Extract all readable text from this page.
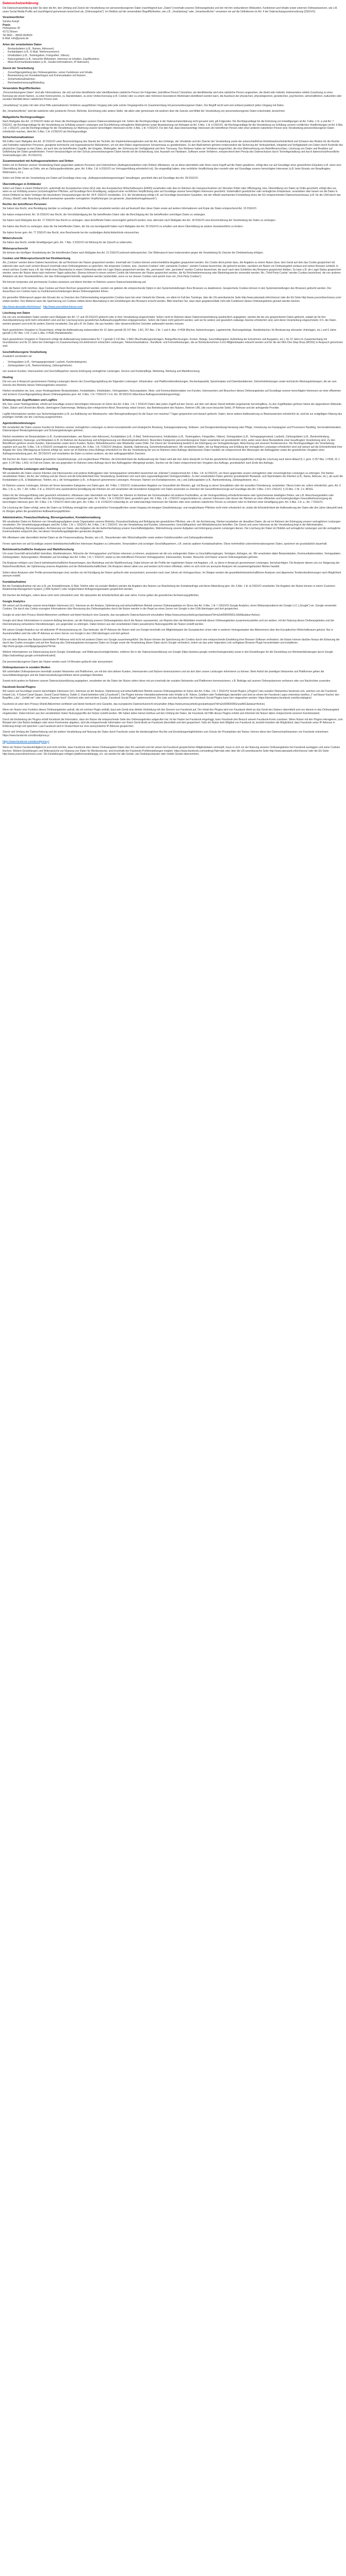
Datenschutzerklärung

Die Datenschutzerklärung klärt Sie über die Art, den Umfang und Zweck der Verarbeitung von personenbezogenen Daten (nachfolgend kurz „Daten“) innerhalb unseres Onlineangebotes und der mit ihm verbundenen Webseiten, Funktionen und Inhalte sowie externen Onlinepräsenzen, wie z.B. unser Social Media Profile auf (nachfolgend gemeinsam bezeichnet als „Onlineangebot“). Im Hinblick auf die verwendeten Begrifflichkeiten, wie z.B. „Verarbeitung“ oder „Verantwortlicher“ verweisen wir auf die Definitionen im Art. 4 der Datenschutzgrundverordnung (DSGVO).

Verantwortlicher
Sandra Kampf
Praxis
Hohegrasse 30
41711 Brixen
Tel 0662 – 38030 90/9024
E-Mail: info@praxis.de
Arten der verarbeiteten Daten
• Bestandsdaten (z.B., Namen, Adressen).
• Kontaktdaten (z.B., E-Mail, Telefonnummern).
• Inhaltsdaten (z.B., Texteingaben, Fotografien, Videos).
• Nutzungsdaten (z.B., besuchte Webseiten, Interesse an Inhalten, Zugriffszeiten).
• Meta-/Kommunikationsdaten (z.B., Geräte-Informationen, IP-Adressen).
Zweck der Verarbeitung
• Zurverfügungstellung des Onlineangebotes, seiner Funktionen und Inhalte.
• Beantwortung von Kontaktanfragen und Kommunikation mit Nutzern.
• Sicherheitsmaßnahmen.
• Reichweitenmessung/Marketing
Verwendete Begrifflichkeiten

„Personenbezogene Daten“ sind alle Informationen, die sich auf eine identifizierte oder identifizierbare natürliche Person (im Folgenden „betroffene Person“) beziehen; als identifizierbar wird eine natürliche Person angesehen, die direkt oder indirekt, insbesondere mittels Zuordnung zu einer Kennung wie einem Namen, zu einer Kennnummer, zu Standortdaten, zu einer Online-Kennung (z.B. Cookie) oder zu einem oder mehreren besonderen Merkmalen identifiziert werden kann, die Ausdruck der physischen, physiologischen, genetischen, psychischen, wirtschaftlichen, kulturellen oder sozialen Identität dieser natürlichen Person sind.

„Verarbeitung“ ist jeder mit oder ohne Hilfe automatisierter Verfahren ausgeführten Vorgang oder jede solche Vorgangsreihe im Zusammenhang mit personenbezogenen Daten. Der Begriff reicht weit und umfasst praktisch jeden Umgang mit Daten.

Als „Verantwortlicher“ wird die natürliche oder juristische Person, Behörde, Einrichtung oder andere Stelle, die allein oder gemeinsam mit anderen über die Zwecke und Mittel der Verarbeitung von personenbezogenen Daten entscheidet, bezeichnet.

Maßgebliche Rechtsgrundlagen

Nach Maßgabe des Art. 13 DSGVO teilen wir Ihnen die Rechtsgrundlagen unserer Datenverarbeitungen mit. Sofern die Rechtsgrundlage in der Datenschutzerklärung nicht genannt wird, gilt Folgendes: Die Rechtsgrundlage für die Einholung von Einwilligungen ist Art. 6 Abs. 1 lit. a und Art. 7 DSGVO, die Rechtsgrundlage für die Verarbeitung zur Erfüllung unserer Leistungen und Durchführung vertraglicher Maßnahmen sowie Beantwortung von Anfragen ist Art. 6 Abs. 1 lit. b DSGVO, die Rechtsgrundlage für die Verarbeitung zur Erfüllung unserer rechtlichen Verpflichtungen ist Art. 6 Abs. 1 lit. c DSGVO, und die Rechtsgrundlage für die Verarbeitung zur Wahrung unserer berechtigten Interessen ist Art. 6 Abs. 1 lit. f DSGVO. Für den Fall, dass lebenswichtige Interessen der betroffenen Person oder einer anderen natürlichen Person eine Verarbeitung personenbezogener Daten erforderlich machen, dient Art. 6 Abs. 1 lit. d DSGVO als Rechtsgrundlage.

Sicherheitsmaßnahmen

Wir treffen nach Maßgabe des Art. 32 DSGVO unter Berücksichtigung des Stands der Technik, der Implementierungskosten und der Art, des Umfangs, der Umstände und der Zwecke der Verarbeitung sowie der unterschiedlichen Eintrittswahrscheinlichkeit und Schwere des Risikos für die Rechte und Freiheiten natürlicher Personen, geeignete technische und organisatorische Maßnahmen, um ein dem Risiko angemessenes Schutzniveau zu gewährleisten. Zu den Maßnahmen gehören insbesondere die Sicherung der Vertraulichkeit, Integrität und Verfügbarkeit von Daten durch Kontrolle des physischen Zugangs zu den Daten, als auch des sie betreffenden Zugriffs, der Eingabe, Weitergabe, der Sicherung der Verfügbarkeit und ihrer Trennung. Des Weiteren haben wir Verfahren eingerichtet, die eine Wahrnehmung von Betroffenenrechten, Löschung von Daten und Reaktion auf Gefährdung der Daten gewährleisten. Ferner berücksichtigen wir den Schutz personenbezogener Daten bereits bei der Entwicklung, bzw. Auswahl von Hardware, Software sowie Verfahren, entsprechend dem Prinzip des Datenschutzes durch Technikgestaltung und durch datenschutzfreundliche Voreinstellungen (Art. 25 DSGVO).

Zusammenarbeit mit Auftragsverarbeitern und Dritten

Sofern wir im Rahmen unserer Verarbeitung Daten gegenüber anderen Personen und Unternehmen (Auftragsverarbeitern oder Dritten) offenbaren, sie an diese übermitteln oder ihnen sonst Zugriff auf die Daten gewähren, erfolgt dies nur auf Grundlage einer gesetzlichen Erlaubnis (z.B. wenn eine Übermittlung der Daten an Dritte, wie an Zahlungsdienstleister, gem. Art. 6 Abs. 1 lit. b DSGVO zur Vertragserfüllung erforderlich ist), Sie eingewilligt haben, eine rechtliche Verpflichtung dies vorsieht oder auf Grundlage unserer berechtigten Interessen (z.B. beim Einsatz von Beauftragten, Webhostern, etc.).

Sofern wir Dritte mit der Verarbeitung von Daten auf Grundlage eines sog. „Auftragsverarbeitungsvertrages“ beauftragen, geschieht dies auf Grundlage des Art. 28 DSGVO.

Übermittlungen in Drittländer

Sofern wir Daten in einem Drittland (d.h. außerhalb der Europäischen Union (EU) oder des Europäischen Wirtschaftsraums (EWR)) verarbeiten oder dies im Rahmen der Inanspruchnahme von Diensten Dritter oder Offenlegung, bzw. Übermittlung von Daten an Dritte geschieht, erfolgt dies nur, wenn es zur Erfüllung unserer (vor)vertraglichen Pflichten, auf Grundlage Ihrer Einwilligung, aufgrund einer rechtlichen Verpflichtung oder auf Grundlage unserer berechtigten Interessen geschieht. Vorbehaltlich gesetzlicher oder vertraglicher Erlaubnisse, verarbeiten oder lassen wir die Daten in einem Drittland nur beim Vorliegen der besonderen Voraussetzungen der Art. 44 ff. DSGVO verarbeiten. D.h. die Verarbeitung erfolgt z.B. auf Grundlage besonderer Garantien, wie der offiziell anerkannten Feststellung eines der EU entsprechenden Datenschutzniveaus (z.B. für die USA durch das „Privacy Shield“) oder Beachtung offiziell anerkannter spezieller vertraglicher Verpflichtungen (so genannte „Standardvertragsklauseln“).

Rechte der betroffenen Personen

Sie haben das Recht, eine Bestätigung darüber zu verlangen, ob betreffende Daten verarbeitet werden und auf Auskunft über diese Daten sowie auf weitere Informationen und Kopie der Daten entsprechend Art. 15 DSGVO.

Sie haben entsprechend. Art. 16 DSGVO das Recht, die Vervollständigung der Sie betreffenden Daten oder die Berichtigung der Sie betreffenden unrichtigen Daten zu verlangen.

Sie haben nach Maßgabe des Art. 17 DSGVO das Recht zu verlangen, dass betreffende Daten unverzüglich gelöscht werden, bzw. alternativ nach Maßgabe des Art. 18 DSGVO eine Einschränkung der Verarbeitung der Daten zu verlangen.

Sie haben das Recht zu verlangen, dass die Sie betreffenden Daten, die Sie uns bereitgestellt haben nach Maßgabe des Art. 20 DSGVO zu erhalten und deren Übermittlung an andere Verantwortliche zu fordern.

Sie haben ferner gem. Art. 77 DSGVO das Recht, eine Beschwerde bei der zuständigen Aufsichtsbehörde einzureichen.

Widerrufsrecht

Sie haben das Recht, erteilte Einwilligungen gem. Art. 7 Abs. 3 DSGVO mit Wirkung für die Zukunft zu widerrufen.

Widerspruchsrecht

Sie können der künftigen Verarbeitung der Sie betreffenden Daten nach Maßgabe des Art. 21 DSGVO jederzeit widersprechen. Der Widerspruch kann insbesondere gegen die Verarbeitung für Zwecke der Direktwerbung erfolgen.

Cookies und Widerspruchsrecht bei Direktwerbung

Als „Cookies“ werden kleine Dateien bezeichnet, die auf Rechnern der Nutzer gespeichert werden. Innerhalb der Cookies können unterschiedliche Angaben gespeichert werden. Ein Cookie dient primär dazu, die Angaben zu einem Nutzer (bzw. dem Gerät auf dem das Cookie gespeichert ist) während oder auch nach seinem Besuch innerhalb eines Onlineangebotes zu speichern. Als temporäre Cookies, bzw. „Session-Cookies“ oder „transiente Cookies“, werden Cookies bezeichnet, die gelöscht werden, nachdem ein Nutzer ein Onlineangebot verlässt und seinen Browser schließt. In einem solchen Cookie kann z.B. der Inhalt eines Warenkorbs in einem Onlineshop oder ein Login-Status gespeichert werden. Als „permanent“ oder „persistent“ werden Cookies bezeichnet, die auch nach dem Schließen des Browsers gespeichert bleiben. So kann z.B. der Login-Status gespeichert werden, wenn die Nutzer diese nach mehreren Tagen aufsuchen. Ebenso können in einem solchen Cookie die Interessen der Nutzer gespeichert werden, die für Reichweitenmessung oder Marketingzwecke verwendet werden. Als „Third-Party-Cookie“ werden Cookies bezeichnet, die von anderen Anbietern als dem Verantwortlichen, der das Onlineangebot betreibt, angeboten werden (andernfalls, wenn es nur dessen Cookies sind spricht man von „First-Party Cookies“).

Wir können temporäre und permanente Cookies einsetzen und klären hierüber im Rahmen unserer Datenschutzerklärung auf.

Falls die Nutzer nicht möchten, dass Cookies auf ihrem Rechner gespeichert werden, werden sie gebeten die entsprechende Option in den Systemeinstellungen ihres Browsers zu deaktivieren. Gespeicherte Cookies können in den Systemeinstellungen des Browsers gelöscht werden. Der Ausschluss von Cookies kann zu Funktionseinschränkungen dieses Onlineangebotes führen.

Ein genereller Widerspruch gegen den Einsatz der zu Zwecken des Onlinemarketing eingesetzten Cookies kann bei einer Vielzahl der Dienste, vor allem im Fall des Trackings, über die US-amerikanische Seite http://www.aboutads.info/choices/ oder die EU-Seite http://www.youronlinechoices.com/ erklärt werden. Des Weiteren kann die Speicherung von Cookies mittels deren Abschaltung in den Einstellungen des Browsers erreicht werden. Bitte beachten Sie, dass dann gegebenenfalls nicht alle Funktionen dieses Onlineangebotes genutzt werden können.

http://www.aboutads.info/choices/ · http://www.youronlinechoices.com/

Löschung von Daten

Die von uns verarbeiteten Daten werden nach Maßgabe der Art. 17 und 18 DSGVO gelöscht oder in ihrer Verarbeitung eingeschränkt. Sofern nicht im Rahmen dieser Datenschutzerklärung ausdrücklich angegeben, werden die bei uns gespeicherten Daten gelöscht, sobald sie für ihre Zweckbestimmung nicht mehr erforderlich sind und der Löschung keine gesetzlichen Aufbewahrungspflichten entgegenstehen. Sofern die Daten nicht gelöscht werden, weil sie für andere und gesetzlich zulässige Zwecke erforderlich sind, wird deren Verarbeitung eingeschränkt. D.h. die Daten werden gesperrt und nicht für andere Zwecke verarbeitet. Das gilt z.B. für Daten, die aus handels- oder steuerrechtlichen Gründen aufbewahrt werden müssen.

Nach gesetzlichen Vorgaben in Deutschland, erfolgt die Aufbewahrung insbesondere für 10 Jahre gemäß §§ 147 Abs. 1 AO, 257 Abs. 1 Nr. 1 und 4, Abs. 4 HGB (Bücher, Aufzeichnungen, Lageberichte, Buchungsbelege, Handelsbücher, für Besteuerung relevanter Unterlagen, etc.) und 6 Jahre gemäß § 257 Abs. 1 Nr. 2 und 3, Abs. 4 HGB (Handelsbriefe).

Nach gesetzlichen Vorgaben in Österreich erfolgt die Aufbewahrung insbesondere für 7 J gemäß § 132 Abs. 1 BAO (Buchhaltungsunterlagen, Belege/Rechnungen, Konten, Belege, Geschäftspapiere, Aufstellung der Einnahmen und Ausgaben, etc.), für 22 Jahre im Zusammenhang mit Grundstücken und für 10 Jahre bei Unterlagen im Zusammenhang mit elektronisch erbrachten Leistungen, Telekommunikations-, Rundfunk- und Fernsehleistungen, die an Nichtunternehmer in EU-Mitgliedstaaten erbracht werden und für die der Mini-One-Stop-Shop (MOSS) in Anspruch genommen wird.

Geschäftsbezogene Verarbeitung

Zusätzlich verarbeiten wir

• Vertragsdaten (z.B., Vertragsgegenstand, Laufzeit, Kundenkategorie).
• Zahlungsdaten (z.B., Bankverbindung, Zahlungshistorie)

von unseren Kunden, Interessenten und Geschäftspartner zwecks Erbringung vertraglicher Leistungen, Service und Kundenpflege, Marketing, Werbung und Marktforschung.

Hosting

Die von uns in Anspruch genommenen Hosting-Leistungen dienen der Zurverfügungstellung der folgenden Leistungen: Infrastruktur- und Plattformdienstleistungen, Rechenkapazität, Speicherplatz und Datenbankdienste, Sicherheitsleistungen sowie technische Wartungsleistungen, die wir zum Zwecke des Betriebs dieses Onlineangebotes einsetzen.

Hierbei verarbeiten wir, bzw. unser Hostinganbieter Bestandsdaten, Kontaktdaten, Inhaltsdaten, Vertragsdaten, Nutzungsdaten, Meta- und Kommunikationsdaten von Kunden, Interessenten und Besuchern dieses Onlineangebotes auf Grundlage unserer berechtigten Interessen an einer effizienten und sicheren Zurverfügungstellung dieses Onlineangebotes gem. Art. 6 Abs. 1 lit. f DSGVO i.V.m. Art. 28 DSGVO (Abschluss Auftragsverarbeitungsvertrag).

Erhebung von Zugriffsdaten und Logfiles

Wir, bzw. unser Hostinganbieter, erhebt auf Grundlage unserer berechtigten Interessen im Sinne des Art. 6 Abs. 1 lit. f. DSGVO Daten über jeden Zugriff auf den Server, auf dem sich dieser Dienst befindet (sogenannte Serverlogfiles). Zu den Zugriffsdaten gehören Name der abgerufenen Webseite, Datei, Datum und Uhrzeit des Abrufs, übertragene Datenmenge, Meldung über erfolgreichen Abruf, Browsertyp nebst Version, das Betriebssystem des Nutzers, Referrer URL (die zuvor besuchte Seite), IP-Adresse und der anfragende Provider.

Logfile-Informationen werden aus Sicherheitsgründen (z.B. zur Aufklärung von Missbrauchs- oder Betrugshandlungen) für die Dauer von maximal 7 Tagen gespeichert und danach gelöscht. Daten, deren weitere Aufbewahrung zu Beweiszwecken erforderlich ist, sind bis zur endgültigen Klärung des jeweiligen Vorfalls von der Löschung ausgenommen.

Agenturdienstleistungen

Wir verarbeiten die Daten unserer Kunden im Rahmen unserer vertraglichen Leistungen zu denen konzeptionelle und strategische Beratung, Kampagnenplanung, Software- und Designentwicklung/-beratung oder Pflege, Umsetzung von Kampagnen und Prozessen/ Handling, Serveradministration, Datenanalyse/ Beratungsleistungen und Schulungsleistungen gehören.

Hierbei verarbeiten wir Bestandsdaten (z.B., Kundenstammdaten, wie Namen oder Adressen), Kontaktdaten (z.B., E-Mail, Telefonnummern), Inhaltsdaten (z.B., Texteingaben, Fotografien, Videos), Vertragsdaten (z.B., Vertragsgegenstand, Laufzeit), Zahlungsdaten (z.B., Bankverbindung, Zahlungshistorie), Nutzungs- und Metadaten (z.B. im Rahmen der Auswertung und Erfolgsmessung von Marketingmaßnahmen). Besondere Kategorien personenbezogener Daten verarbeiten wir grundsätzlich nicht, außer wenn diese Bestandteile einer beauftragten Verarbeitung sind. Zu den Betroffenen gehören unsere Kunden, Interessenten sowie deren Kunden, Nutzer, Websitebesucher oder Mitarbeiter sowie Dritte. Der Zweck der Verarbeitung besteht in der Erbringung von Vertragsleistungen, Abrechnung und unserem Kundenservice. Die Rechtsgrundlagen der Verarbeitung ergeben sich aus Art. 6 Abs. 1 lit. b DSGVO (vertragliche Leistungen), Art. 6 Abs. 1 lit. f DSGVO (Analyse, Statistik, Optimierung, Sicherheitsmaßnahmen). Wir verarbeiten Daten, die zur Begründung und Erfüllung der vertraglichen Leistungen erforderlich sind und weisen auf die Erforderlichkeit ihrer Angabe hin. Eine Offenlegung an Externe erfolgt nur, wenn sie im Rahmen eines Auftrags erforderlich ist. Bei der Verarbeitung der uns im Rahmen eines Auftrags überlassenen Daten handeln wir entsprechend den Weisungen der Auftraggeber sowie der gesetzlichen Vorgaben einer Auftragsverarbeitung gem. Art. 28 DSGVO und verarbeiten die Daten zu keinen anderen, als den auftragsgemäßen Zwecken.

Wir löschen die Daten nach Ablauf gesetzlicher Gewährleistungs- und vergleichbarer Pflichten. die Erforderlichkeit der Aufbewahrung der Daten wird alle drei Jahre überprüft; im Fall der gesetzlichen Archivierungspflichten erfolgt die Löschung nach deren Ablauf (6 J, gem. § 257 Abs. 1 HGB, 10 J, gem. § 147 Abs. 1 AO). Im Fall von Daten, die uns gegenüber im Rahmen eines Auftrags durch den Auftraggeber offengelegt wurden, löschen wir die Daten entsprechend den Vorgaben des Auftrags, grundsätzlich nach Ende des Auftrags.

Therapeutische Leistungen und Coaching

Wir verarbeiten die Daten unserer Klienten und Interessenten und anderer Auftraggeber oder Vertragspartner (einheitlich bezeichnet als „Klienten“) entsprechend Art. 6 Abs. 1 lit. b) DSGVO, um ihnen gegenüber unsere vertraglichen oder vorvertraglichen Leistungen zu erbringen. Die hierbei verarbeiteten Daten, die Art, der Umfang und der Zweck und die Erforderlichkeit ihrer Verarbeitung, bestimmen sich nach dem zugrundeliegenden Vertragsverhältnis. Zu den verarbeiteten Daten gehören grundsätzlich Bestands- und Stammdaten der Klienten (z.B., Name, Adresse, etc.), als auch die Kontaktdaten (z.B., E-Mailadresse, Telefon, etc.), die Vertragsdaten (z.B., in Anspruch genommene Leistungen, Honorare, Namen von Kontaktpersonen, etc.) und Zahlungsdaten (z.B., Bankverbindung, Zahlungshistorie, etc.).

Im Rahmen unserer Leistungen, können wir ferner besondere Kategorien von Daten gem. Art. 9 Abs. 1 DSGVO, insbesondere Angaben zur Gesundheit der Klienten, ggf. mit Bezug zu deren Sexualleben oder der sexuellen Orientierung, verarbeiten. Hierzu holen wir, sofern erforderlich, gem. Art. 6 Abs. 1 lit. a., Art. 7, Art. 9 Abs. 2 lit. a. DSGVO eine ausdrückliche Einwilligung der Klienten ein und verarbeiten die besonderen Kategorien von Daten ansonsten zu Zwecken der Gesundheitsvorsorge auf Grundlage des Art. 9 Abs. 2 lit h. DSGVO, § 22 Abs. 1 Nr. 1 b. BDSG.

Sofern für die Vertragserfüllung oder gesetzlich erforderlich, offenbaren oder übermitteln wir die Daten der Klienten im Rahmen der Kommunikation mit anderen Fachkräften, an die Vertragserfüllung erforderlicherweise oder typischerweise beteiligten Dritten, wie z.B. Abrechnungsstellen oder vergleichbare Dienstleister, sofern dies der Erbringung unserer Leistungen gem. Art. 6 Abs. 1 lit. b DSGVO dient, gesetzlich gem. Art. 6 Abs. 1 lit. c DSGVO vorgeschrieben ist, unseren Interessen oder denen der Klienten an einer effizienten und kostengünstigen Gesundheitsversorgung als berechtigtes Interesse gem. Art. 6 Abs. 1 lit. f DSGVO dient oder gem. Art. 6 Abs. 1 lit. d DSGVO notwendig ist. um lebenswichtige Interessen der Klienten oder einer anderen natürlichen Person zu schützen oder im Rahmen einer Einwilligung gem. Art. 6 Abs. 1 lit. a., Art. 7 DSGVO.

Die Löschung der Daten erfolgt, wenn die Daten zur Erfüllung vertraglicher oder gesetzlicher Fürsorgepflichten sowie Umgang mit etwaigen Gewährleistungs- und vergleichbarer Pflichten nicht mehr erforderlich ist, wobei die Erforderlichkeit der Aufbewahrung der Daten alle drei Jahre überprüft wird; im Übrigen gelten die gesetzlichen Aufbewahrungspflichten.

Administration, Finanzbuchhaltung, Büroorganisation, Kontaktverwaltung

Wir verarbeiten Daten im Rahmen von Verwaltungsaufgaben sowie Organisation unseres Betriebs, Finanzbuchhaltung und Befolgung der gesetzlichen Pflichten, wie z.B. der Archivierung. Hierbei verarbeiten wir dieselben Daten, die wir im Rahmen der Erbringung unserer vertraglichen Leistungen verarbeiten. Die Verarbeitungsgrundlagen sind Art. 6 Abs. 1 lit. c. DSGVO, Art. 6 Abs. 1 lit. f. DSGVO. Von der Verarbeitung sind Kunden, Interessenten, Geschäftspartner und Websitebesucher betroffen. Der Zweck und unser Interesse an der Verarbeitung liegt in der Administration, Finanzbuchhaltung, Büroorganisation, Archivierung von Daten, also Aufgaben die der Aufrechterhaltung unserer Geschäftstätigkeiten, Wahrnehmung unserer Aufgaben und Erbringung unserer Leistungen dienen. Die Löschung der Daten im Hinblick auf vertragliche Leistungen und die vertragliche Kommunikation entspricht den, bei diesen Verarbeitungstätigkeiten genannten Angaben.

Wir offenbaren oder übermitteln hierbei Daten an die Finanzverwaltung, Berater, wie z.B., Steuerberater oder Wirtschaftsprüfer sowie weitere Gebührenstellen und Zahlungsdienstleister.

Ferner speichern wir auf Grundlage unserer betriebswirtschaftlichen Interessen Angaben zu Lieferanten, Veranstaltern und sonstigen Geschäftspartnern, z.B. zwecks späterer Kontaktaufnahme. Diese mehrheitlich unternehmensbezogenen Daten, speichern wir grundsätzlich dauerhaft.

Betriebswirtschaftliche Analysen und Marktforschung

Um unser Geschäft wirtschaftlich betreiben, Markttendenzen, Wünsche der Vertragspartner und Nutzer erkennen zu können, analysieren wir die uns vorliegenden Daten zu Geschäftsvorgängen, Verträgen, Anfragen, etc. Wir verarbeiten dabei Bestandsdaten, Kommunikationsdaten, Vertragsdaten, Zahlungsdaten, Nutzungsdaten, Metadaten auf Grundlage des Art. 6 Abs. 1 lit. f. DSGVO, wobei zu den betroffenen Personen Vertragspartner, Interessenten, Kunden, Besucher und Nutzer unseres Onlineangebotes gehören.

Die Analysen erfolgen zum Zweck betriebswirtschaftlicher Auswertungen, des Marketings und der Marktforschung. Dabei können wir die Profile der registrierten Nutzer mit Angaben, z.B. zu deren in Anspruch genommenen Leistungen, berücksichtigen. Die Analysen dienen uns zur Steigerung der Nutzerfreundlichkeit, der Optimierung unseres Angebotes und der Betriebswirtschaftlichkeit. Die Analysen dienen allein uns und werden nicht extern offenbart, sofern es sich nicht um anonyme Analysen mit zusammengefassten Werten handelt.

Sofern diese Analysen oder Profile personenbezogen sind, werden sie mit Kündigung der Nutzer gelöscht oder anonymisiert, ansonsten nach zwei Jahren ab Vertragsschluss. Im Übrigen werden die gesamtbetriebswirtschaftlichen Analysen und allgemeine Tendenzbestimmungen nach Möglichkeit anonym erstellt.

Kontaktaufnahme

Bei der Kontaktaufnahme mit uns (z.B. per Kontaktformular, E-Mail, Telefon oder via sozialer Medien) werden die Angaben des Nutzers zur Bearbeitung der Kontaktanfrage und deren Abwicklung gem. Art. 6 Abs. 1 lit. b) DSGVO verarbeitet. Die Angaben der Nutzer können in einem Customer-Relationship-Management System („CRM System“) oder vergleichbarer Anfragenorganisation gespeichert werden.

Wir löschen die Anfragen, sofern diese nicht mehr erforderlich sind. Wir überprüfen die Erforderlichkeit alle zwei Jahre; Ferner gelten die gesetzlichen Archivierungspflichten.

Google Analytics

Wir setzen auf Grundlage unserer berechtigten Interessen (d.h. Interesse an der Analyse, Optimierung und wirtschaftlichem Betrieb unseres Onlineangebotes im Sinne des Art. 6 Abs. 1 lit. f. DSGVO) Google Analytics, einen Webanalysedienst der Google LLC („Google“) ein. Google verwendet Cookies. Die durch das Cookie erzeugten Informationen über Benutzung des Onlineangebotes durch die Nutzer werden in der Regel an einen Server von Google in den USA übertragen und dort gespeichert.

Google ist unter dem Privacy-Shield-Abkommen zertifiziert und bietet hierdurch eine Garantie, das europäische Datenschutzrecht einzuhalten (https://www.privacyshield.gov/participant?id=a2zt000000001L5AAI&status=Active).

Google wird diese Informationen in unserem Auftrag benutzen, um die Nutzung unseres Onlineangebotes durch die Nutzer auszuwerten, um Reports über die Aktivitäten innerhalb dieses Onlineangebotes zusammenzustellen und um weitere, mit der Nutzung dieses Onlineangebotes und der Internetnutzung verbundene Dienstleistungen, uns gegenüber zu erbringen. Dabei können aus den verarbeiteten Daten pseudonyme Nutzungsprofile der Nutzer erstellt werden.

Wir setzen Google Analytics nur mit aktivierter IP-Anonymisierung ein. Das bedeutet, die IP-Adresse der Nutzer wird von Google innerhalb von Mitgliedstaaten der Europäischen Union oder in anderen Vertragsstaaten des Abkommens über den Europäischen Wirtschaftsraum gekürzt. Nur in Ausnahmefällen wird die volle IP-Adresse an einen Server von Google in den USA übertragen und dort gekürzt.

Die von dem Browser des Nutzers übermittelte IP-Adresse wird nicht mit anderen Daten von Google zusammengeführt. Die Nutzer können die Speicherung der Cookies durch eine entsprechende Einstellung ihrer Browser-Software verhindern; die Nutzer können darüber hinaus die Erfassung der durch das Cookie erzeugten und auf ihre Nutzung des Onlineangebotes bezogenen Daten an Google sowie die Verarbeitung dieser Daten durch Google verhindern, indem sie das unter folgendem Link verfügbare Browser-Plugin herunterladen und installieren: http://tools.google.com/dlpage/gaoptout?hl=de.

Weitere Informationen zur Datennutzung durch Google, Einstellungs- und Widerspruchsmöglichkeiten, erfahren Sie in der Datenschutzerklärung von Google (https://policies.google.com/technologies/ads) sowie in den Einstellungen für die Darstellung von Werbeeinblendungen durch Google (https://adssettings.google.com/authenticated).

Die personenbezogenen Daten der Nutzer werden nach 14 Monaten gelöscht oder anonymisiert.

Onlinepräsenzen in sozialen Medien

Wir unterhalten Onlinepräsenzen innerhalb sozialer Netzwerke und Plattformen, um mit den dort aktiven Kunden, Interessenten und Nutzern kommunizieren und sie dort über unsere Leistungen informieren zu können. Beim Aufruf der jeweiligen Netzwerke und Plattformen gelten die Geschäftsbedingungen und die Datenverarbeitungsrichtlinien deren jeweiligen Betreiber.

Soweit nicht anders im Rahmen unserer Datenschutzerklärung angegeben, verarbeiten wir die Daten der Nutzer sofern diese mit uns innerhalb der sozialen Netzwerke und Plattformen kommunizieren, z.B. Beiträge auf unseren Onlinepräsenzen verfassen oder uns Nachrichten zusenden.

Facebook-Social-Plugins

Wir nutzen auf Grundlage unserer berechtigten Interessen (d.h. Interesse an der Analyse, Optimierung und wirtschaftlichem Betrieb unseres Onlineangebotes im Sinne des Art. 6 Abs. 1 lit. f. DSGVO) Social Plugins („Plugins“) des sozialen Netzwerkes facebook.com, welches von der Facebook Ireland Ltd., 4 Grand Canal Square, Grand Canal Harbour, Dublin 2, Irland betrieben wird („Facebook“). Die Plugins können Interaktionselemente oder Inhalte (z.B. Videos, Grafiken oder Textbeiträge) darstellen und sind an einem der Facebook Logos erkennbar (weißes „f“ auf blauer Kachel, den Begriffen „Like“, „Gefällt mir“ oder einem „Daumen hoch“-Zeichen) oder sind mit dem Zusatz „Facebook Social Plugin“ gekennzeichnet. Die Liste und das Aussehen der Facebook Social Plugins kann hier eingesehen werden: https://developers.facebook.com/docs/plugins/.

Facebook ist unter dem Privacy-Shield-Abkommen zertifiziert und bietet hierdurch eine Garantie, das europäische Datenschutzrecht einzuhalten (https://www.privacyshield.gov/participant?id=a2zt0000000GnywAAC&status=Active).

Wenn ein Nutzer eine Funktion dieses Onlineangebotes aufruft, die ein solches Plugin enthält, baut sein Gerät eine direkte Verbindung mit den Servern von Facebook auf. Der Inhalt des Plugins wird von Facebook direkt an das Gerät des Nutzers übermittelt und von diesem in das Onlineangebot eingebunden. Dabei können aus den verarbeiteten Daten Nutzungsprofile der Nutzer erstellt werden. Wir haben daher keinen Einfluss auf den Umfang der Daten, die Facebook mit Hilfe dieses Plugins erhebt und informiert die Nutzer daher entsprechend unserem Kenntnisstand.

Durch die Einbindung der Plugins erhält Facebook die Information, dass ein Nutzer die entsprechende Seite des Onlineangebotes aufgerufen hat. Ist der Nutzer bei Facebook eingeloggt, kann Facebook den Besuch seinem Facebook-Konto zuordnen. Wenn Nutzer mit den Plugins interagieren, zum Beispiel den Like Button betätigen oder einen Kommentar abgeben, wird die entsprechende Information von Ihrem Gerät direkt an Facebook übermittelt und dort gespeichert. Falls ein Nutzer kein Mitglied von Facebook ist, besteht trotzdem die Möglichkeit, dass Facebook seine IP-Adresse in Erfahrung bringt und speichert. Laut Facebook wird in Deutschland nur eine anonymisierte IP-Adresse gespeichert.

Zweck und Umfang der Datenerhebung und die weitere Verarbeitung und Nutzung der Daten durch Facebook sowie die diesbezüglichen Rechte und Einstellungsmöglichkeiten zum Schutz der Privatsphäre der Nutzer, können diese den Datenschutzhinweisen von Facebook entnehmen: https://www.facebook.com/about/privacy/.

https://www.facebook.com/about/privacy/

Wenn ein Nutzer Facebookmitglied ist und nicht möchte, dass Facebook über dieses Onlineangebot Daten über ihn sammelt und mit seinen bei Facebook gespeicherten Mitgliedsdaten verknüpft, muss er sich vor der Nutzung unseres Onlineangebotes bei Facebook ausloggen und seine Cookies löschen. Weitere Einstellungen und Widersprüche zur Nutzung von Daten für Werbezwecke, sind innerhalb der Facebook-Profileinstellungen möglich: https://www.facebook.com/settings?tab=ads oder über die US-amerikanische Seite http://www.aboutads.info/choices/ oder die EU-Seite http://www.youronlinechoices.com/. Die Einstellungen erfolgen plattformunabhängig, d.h. sie werden für alle Geräte, wie Desktopcomputer oder mobile Geräte übernommen.
